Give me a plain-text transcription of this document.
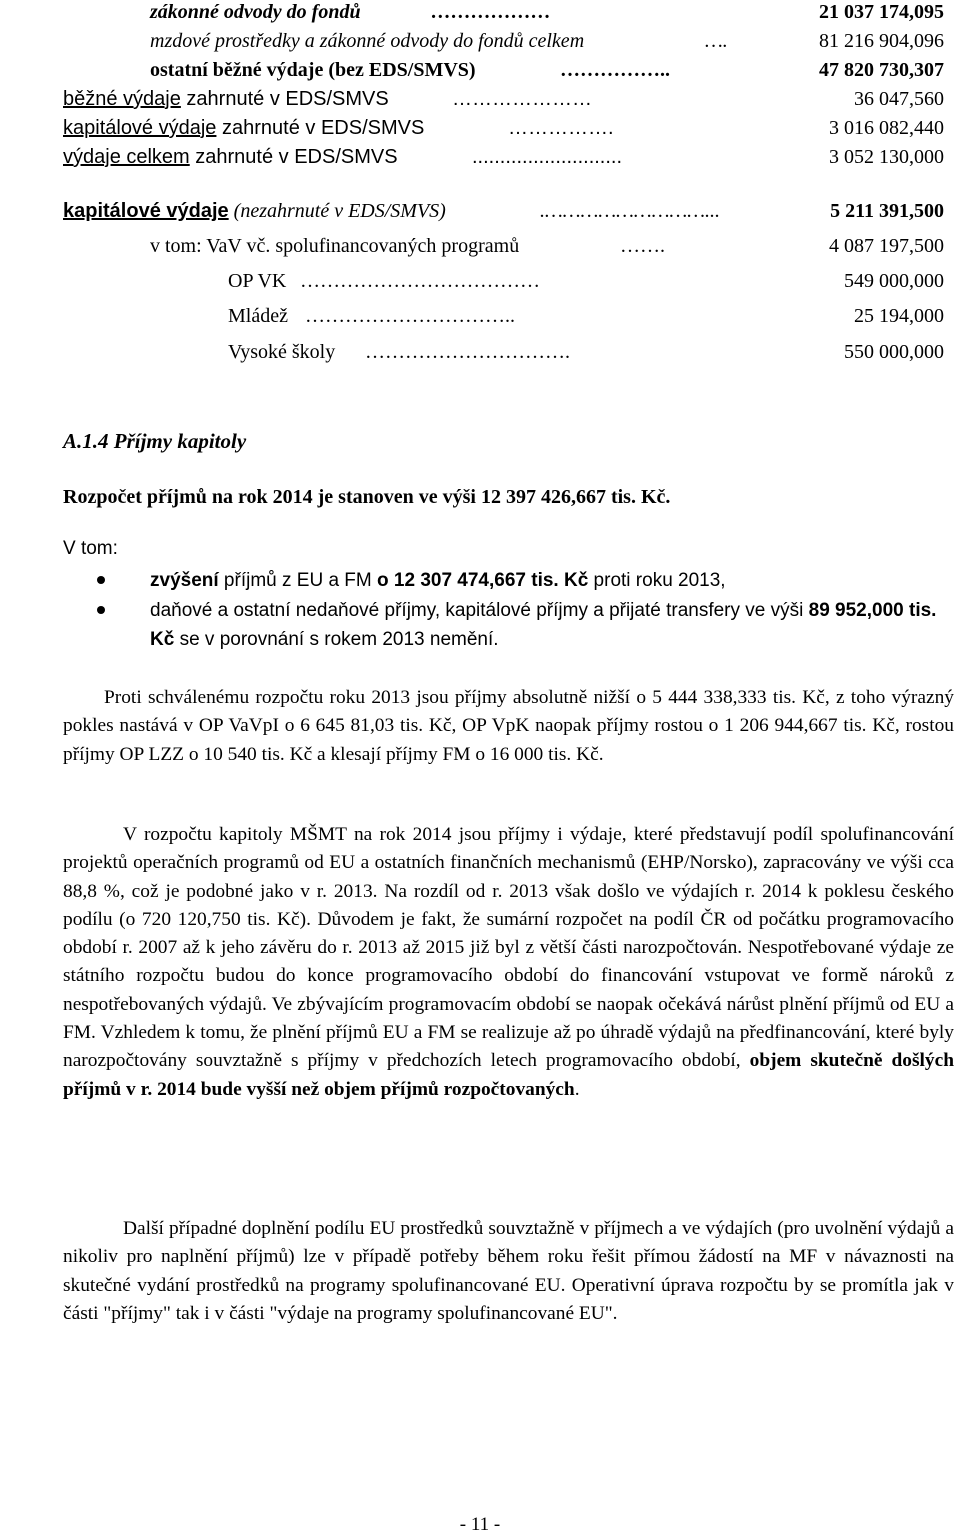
zákonné odvody do fondů	………………	21 037 174,095
mzdové prostředky a zákonné odvody do fondů celkem	….	81 216 904,096
ostatní běžné výdaje (bez EDS/SMVS)	……………..	47 820 730,307
běžné výdaje zahrnuté v EDS/SMVS	…………………	36 047,560
kapitálové výdaje zahrnuté v EDS/SMVS	…………….	3 016 082,440
výdaje celkem zahrnuté v EDS/SMVS	...........................	3 052 130,000
kapitálové výdaje (nezahrnuté v EDS/SMVS)	.………………………...	5 211 391,500
v tom: VaV vč. spolufinancovaných programů	…….	4 087 197,500
OP VK ………………………………	549 000,000
Mládež …………………………..	25 194,000
Vysoké školy ………………………….	550 000,000
A.1.4 Příjmy kapitoly
Rozpočet příjmů na rok 2014 je stanoven ve výši 12 397 426,667 tis. Kč.
V tom:
zvýšení příjmů z EU a FM o 12 307 474,667 tis. Kč proti roku 2013,
daňové a ostatní nedaňové příjmy, kapitálové příjmy a přijaté transfery ve výši 89 952,000 tis. Kč se v porovnání s rokem 2013 nemění.

Proti schválenému rozpočtu roku 2013 jsou příjmy absolutně nižší o 5 444 338,333 tis. Kč, z toho výrazný pokles nastává v OP VaVpI o 6 645 81,03 tis. Kč, OP VpK naopak příjmy rostou o 1 206 944,667 tis. Kč, rostou příjmy OP LZZ o 10 540 tis. Kč a klesají příjmy FM o 16 000 tis. Kč.

V rozpočtu kapitoly MŠMT na rok 2014 jsou příjmy i výdaje, které představují podíl spolufinancování projektů operačních programů od EU a ostatních finančních mechanismů (EHP/Norsko), zapracovány ve výši cca 88,8 %, což je podobné jako v r. 2013. Na rozdíl od r. 2013 však došlo ve výdajích r. 2014 k poklesu českého podílu (o 720 120,750 tis. Kč). Důvodem je fakt, že sumární rozpočet na podíl ČR od počátku programovacího období r. 2007 až k jeho závěru do r. 2013 až 2015 již byl z větší části narozpočtován. Nespotřebované výdaje ze státního rozpočtu budou do konce programovacího období do financování vstupovat ve formě nároků z nespotřebovaných výdajů. Ve zbývajícím programovacím období se naopak očekává nárůst plnění příjmů od EU a FM. Vzhledem k tomu, že plnění příjmů EU a FM se realizuje až po úhradě výdajů na předfinancování, které byly narozpočtovány souvztažně s příjmy v předchozích letech programovacího období, objem skutečně došlých příjmů v r. 2014 bude vyšší než objem příjmů rozpočtovaných.

Další případné doplnění podílu EU prostředků souvztažně v příjmech a ve výdajích (pro uvolnění výdajů a nikoliv pro naplnění příjmů) lze v případě potřeby během roku řešit přímou žádostí na MF v návaznosti na skutečné vydání prostředků na programy spolufinancované EU. Operativní úprava rozpočtu by se promítla jak v části "příjmy" tak i v části "výdaje na programy spolufinancované EU".

- 11 -
